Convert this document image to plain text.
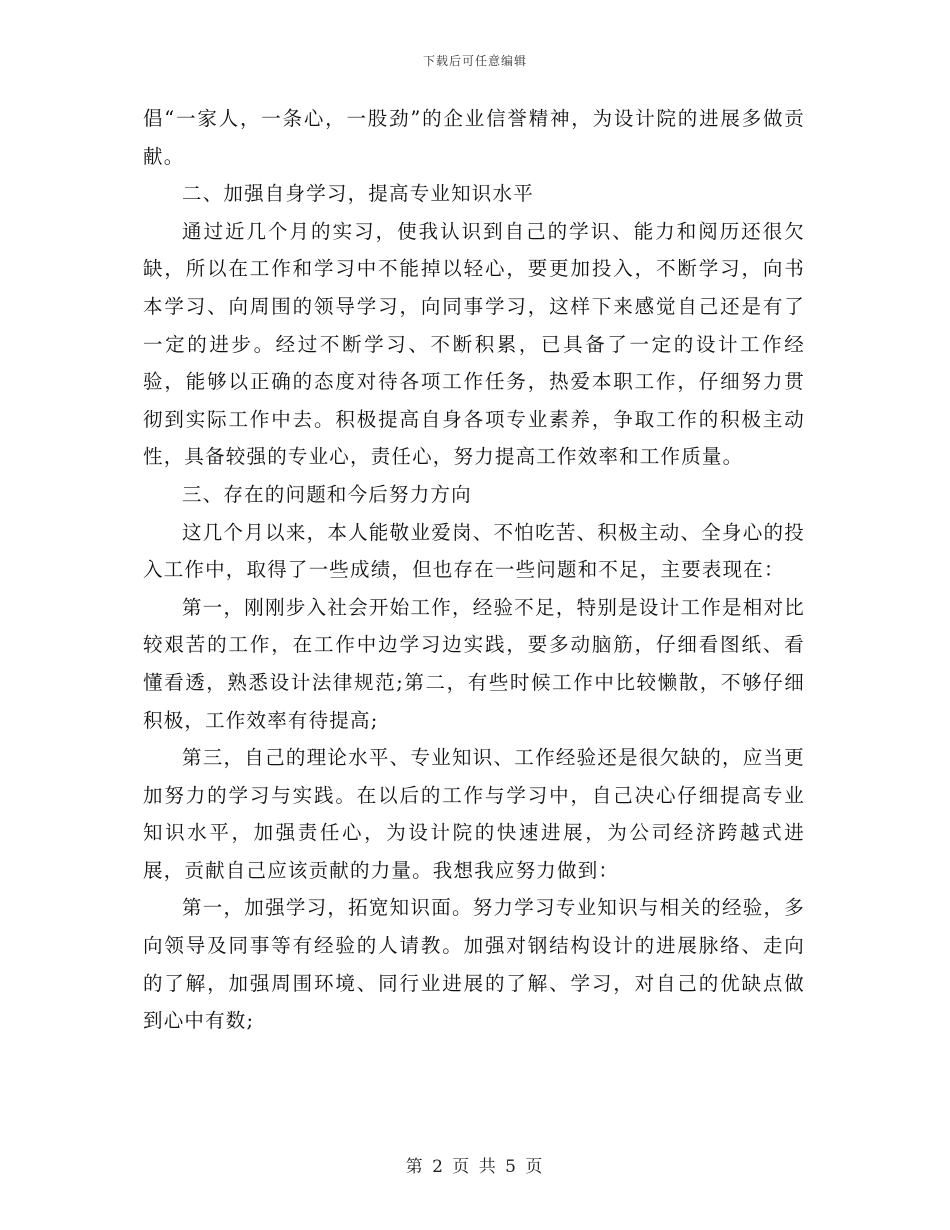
下载后可任意编辑

倡“一家人，一条心，一股劲”的企业信誉精神，为设计院的进展多做贡献。

二、加强自身学习，提高专业知识水平

通过近几个月的实习，使我认识到自己的学识、能力和阅历还很欠缺，所以在工作和学习中不能掉以轻心，要更加投入，不断学习，向书本学习、向周围的领导学习，向同事学习，这样下来感觉自己还是有了一定的进步。经过不断学习、不断积累，已具备了一定的设计工作经验，能够以正确的态度对待各项工作任务，热爱本职工作，仔细努力贯彻到实际工作中去。积极提高自身各项专业素养，争取工作的积极主动性，具备较强的专业心，责任心，努力提高工作效率和工作质量。

三、存在的问题和今后努力方向

这几个月以来，本人能敬业爱岗、不怕吃苦、积极主动、全身心的投入工作中，取得了一些成绩，但也存在一些问题和不足，主要表现在：

第一，刚刚步入社会开始工作，经验不足，特别是设计工作是相对比较艰苦的工作，在工作中边学习边实践，要多动脑筋，仔细看图纸、看懂看透，熟悉设计法律规范;第二，有些时候工作中比较懒散，不够仔细积极，工作效率有待提高;

第三，自己的理论水平、专业知识、工作经验还是很欠缺的，应当更加努力的学习与实践。在以后的工作与学习中，自己决心仔细提高专业知识水平，加强责任心，为设计院的快速进展，为公司经济跨越式进展，贡献自己应该贡献的力量。我想我应努力做到：

第一，加强学习，拓宽知识面。努力学习专业知识与相关的经验，多向领导及同事等有经验的人请教。加强对钢结构设计的进展脉络、走向的了解，加强周围环境、同行业进展的了解、学习，对自己的优缺点做到心中有数;

第 2 页 共 5 页
